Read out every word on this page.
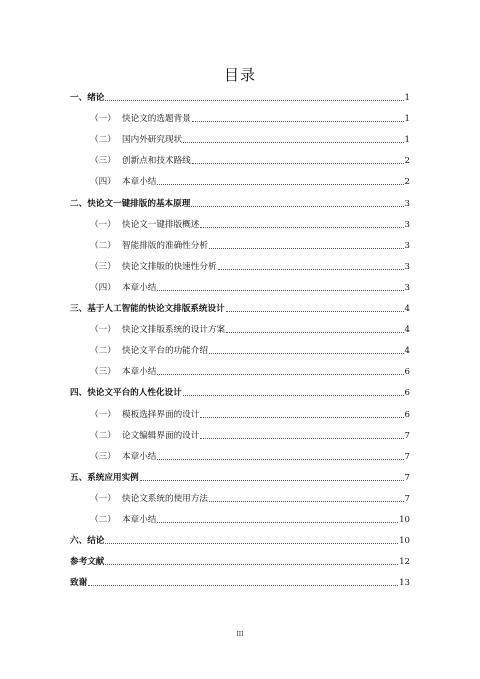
目录
一、绪论	1
（一） 快论文的选题背景	1
（二） 国内外研究现状	1
（三） 创新点和技术路线	2
（四） 本章小结	2
二、快论文一键排版的基本原理	3
（一） 快论文一键排版概述	3
（二） 智能排版的准确性分析	3
（三） 快论文排版的快速性分析	3
（四） 本章小结	3
三、基于人工智能的快论文排版系统设计	4
（一） 快论文排版系统的设计方案	4
（二） 快论文平台的功能介绍	4
（三） 本章小结	6
四、快论文平台的人性化设计	6
（一） 模板选择界面的设计	6
（二） 论文编辑界面的设计	7
（三） 本章小结	7
五、系统应用实例	7
（一） 快论文系统的使用方法	7
（二） 本章小结	10
六、结论	10
参考文献	12
致谢	13
III
